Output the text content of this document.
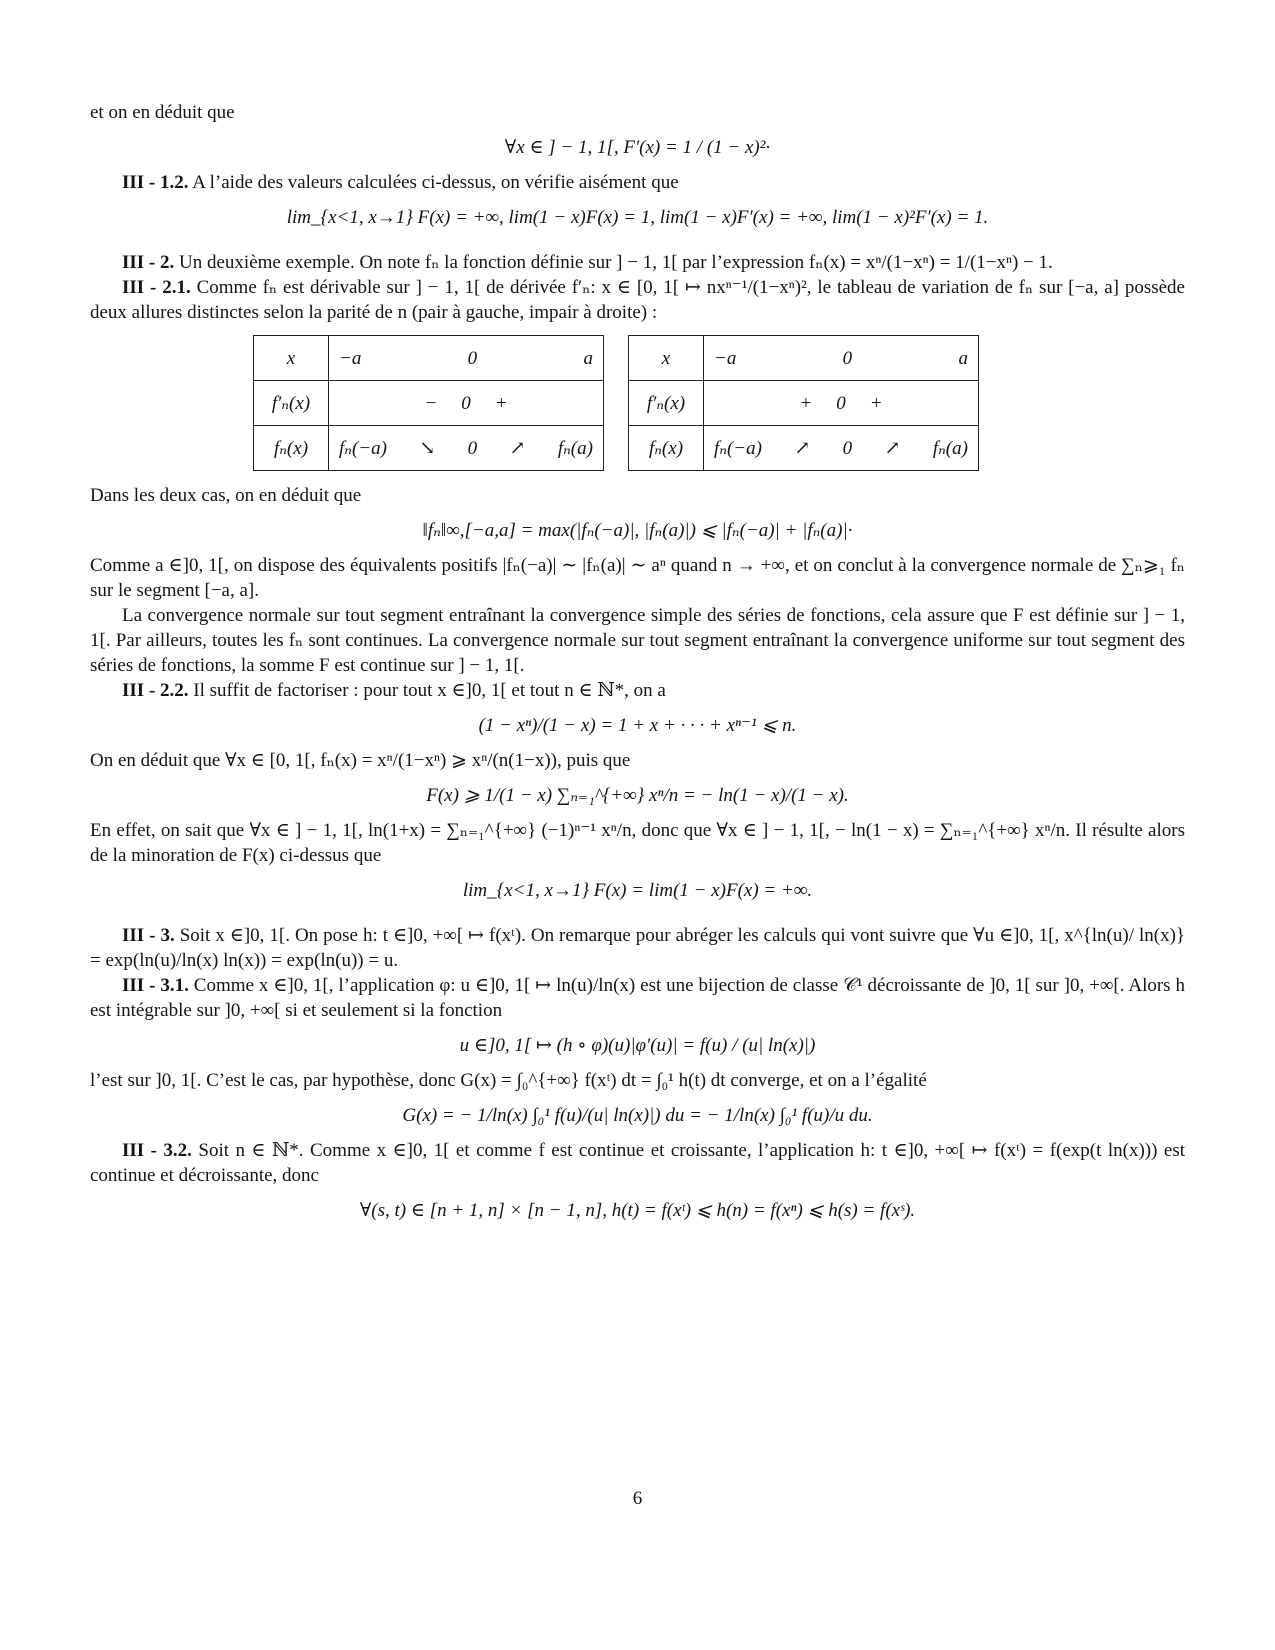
et on en déduit que

∀x ∈ ] − 1, 1[, F′(x) = 1 / (1 − x)²·

III - 1.2. A l’aide des valeurs calculées ci-dessus, on vérifie aisément que

lim_{x<1, x→1} F(x) = +∞, lim(1 − x)F(x) = 1, lim(1 − x)F′(x) = +∞, lim(1 − x)²F′(x) = 1.

III - 2. Un deuxième exemple. On note fₙ la fonction définie sur ] − 1, 1[ par l’expression fₙ(x) = xⁿ/(1−xⁿ) = 1/(1−xⁿ) − 1.

III - 2.1. Comme fₙ est dérivable sur ] − 1, 1[ de dérivée f′ₙ: x ∈ [0, 1[ ↦ nxⁿ⁻¹/(1−xⁿ)², le tableau de variation de fₙ sur [−a, a] possède deux allures distinctes selon la parité de n (pair à gauche, impair à droite) :

x	−a 0 a

f′ₙ(x)	− 0 +

fₙ(x)	fₙ(−a) ↘ 0 ↗ fₙ(a)
x	−a 0 a

f′ₙ(x)	+ 0 +

fₙ(x)	fₙ(−a) ↗ 0 ↗ fₙ(a)

Dans les deux cas, on en déduit que

‖fₙ‖∞,[−a,a] = max(|fₙ(−a)|, |fₙ(a)|) ⩽ |fₙ(−a)| + |fₙ(a)|·

Comme a ∈]0, 1[, on dispose des équivalents positifs |fₙ(−a)| ∼ |fₙ(a)| ∼ aⁿ quand n → +∞, et on conclut à la convergence normale de ∑ₙ⩾₁ fₙ sur le segment [−a, a].

La convergence normale sur tout segment entraînant la convergence simple des séries de fonctions, cela assure que F est définie sur ] − 1, 1[. Par ailleurs, toutes les fₙ sont continues. La convergence normale sur tout segment entraînant la convergence uniforme sur tout segment des séries de fonctions, la somme F est continue sur ] − 1, 1[.

III - 2.2. Il suffit de factoriser : pour tout x ∈]0, 1[ et tout n ∈ ℕ*, on a

(1 − xⁿ)/(1 − x) = 1 + x + · · · + xⁿ⁻¹ ⩽ n.

On en déduit que ∀x ∈ [0, 1[, fₙ(x) = xⁿ/(1−xⁿ) ⩾ xⁿ/(n(1−x)), puis que

F(x) ⩾ 1/(1 − x) ∑ₙ₌₁^{+∞} xⁿ/n = − ln(1 − x)/(1 − x).

En effet, on sait que ∀x ∈ ] − 1, 1[, ln(1+x) = ∑ₙ₌₁^{+∞} (−1)ⁿ⁻¹ xⁿ/n, donc que ∀x ∈ ] − 1, 1[, − ln(1 − x) = ∑ₙ₌₁^{+∞} xⁿ/n. Il résulte alors de la minoration de F(x) ci-dessus que

lim_{x<1, x→1} F(x) = lim(1 − x)F(x) = +∞.

III - 3. Soit x ∈]0, 1[. On pose h: t ∈]0, +∞[ ↦ f(xᵗ). On remarque pour abréger les calculs qui vont suivre que ∀u ∈]0, 1[, x^{ln(u)/ ln(x)} = exp(ln(u)/ln(x) ln(x)) = exp(ln(u)) = u.

III - 3.1. Comme x ∈]0, 1[, l’application φ: u ∈]0, 1[ ↦ ln(u)/ln(x) est une bijection de classe 𝒞¹ décroissante de ]0, 1[ sur ]0, +∞[. Alors h est intégrable sur ]0, +∞[ si et seulement si la fonction

u ∈]0, 1[ ↦ (h ∘ φ)(u)|φ′(u)| = f(u) / (u| ln(x)|)

l’est sur ]0, 1[. C’est le cas, par hypothèse, donc G(x) = ∫₀^{+∞} f(xᵗ) dt = ∫₀¹ h(t) dt converge, et on a l’égalité

G(x) = − 1/ln(x) ∫₀¹ f(u)/(u| ln(x)|) du = − 1/ln(x) ∫₀¹ f(u)/u du.

III - 3.2. Soit n ∈ ℕ*. Comme x ∈]0, 1[ et comme f est continue et croissante, l’application h: t ∈]0, +∞[ ↦ f(xᵗ) = f(exp(t ln(x))) est continue et décroissante, donc

∀(s, t) ∈ [n + 1, n] × [n − 1, n], h(t) = f(xᵗ) ⩽ h(n) = f(xⁿ) ⩽ h(s) = f(xˢ).
6
